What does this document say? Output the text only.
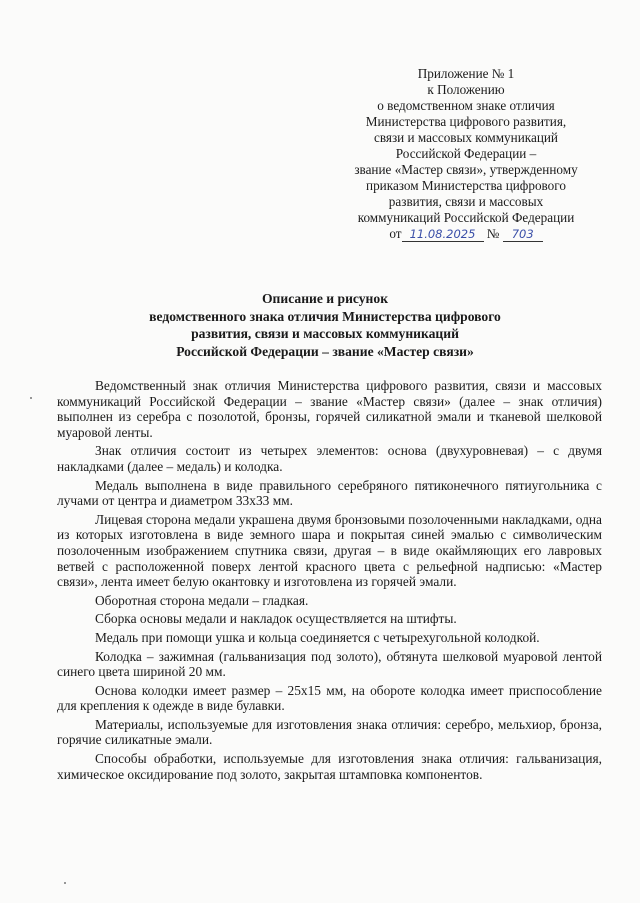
Приложение № 1
к Положению
о ведомственном знаке отличия
Министерства цифрового развития,
связи и массовых коммуникаций
Российской Федерации –
звание «Мастер связи», утвержденному
приказом Министерства цифрового
развития, связи и массовых
коммуникаций Российской Федерации
от 11.08.2025 № 703
Описание и рисунок
ведомственного знака отличия Министерства цифрового
развития, связи и массовых коммуникаций
Российской Федерации – звание «Мастер связи»

Ведомственный знак отличия Министерства цифрового развития, связи и массовых коммуникаций Российской Федерации – звание «Мастер связи» (далее – знак отличия) выполнен из серебра с позолотой, бронзы, горячей силикатной эмали и тканевой шелковой муаровой ленты.

Знак отличия состоит из четырех элементов: основа (двухуровневая) – с двумя накладками (далее – медаль) и колодка.

Медаль выполнена в виде правильного серебряного пятиконечного пятиугольника с лучами от центра и диаметром 33х33 мм.

Лицевая сторона медали украшена двумя бронзовыми позолоченными накладками, одна из которых изготовлена в виде земного шара и покрытая синей эмалью с символическим позолоченным изображением спутника связи, другая – в виде окаймляющих его лавровых ветвей с расположенной поверх лентой красного цвета с рельефной надписью: «Мастер связи», лента имеет белую окантовку и изготовлена из горячей эмали.

Оборотная сторона медали – гладкая.

Сборка основы медали и накладок осуществляется на штифты.

Медаль при помощи ушка и кольца соединяется с четырехугольной колодкой.

Колодка – зажимная (гальванизация под золото), обтянута шелковой муаровой лентой синего цвета шириной 20 мм.

Основа колодки имеет размер – 25х15 мм, на обороте колодка имеет приспособление для крепления к одежде в виде булавки.

Материалы, используемые для изготовления знака отличия: серебро, мельхиор, бронза, горячие силикатные эмали.

Способы обработки, используемые для изготовления знака отличия: гальванизация, химическое оксидирование под золото, закрытая штамповка компонентов.
